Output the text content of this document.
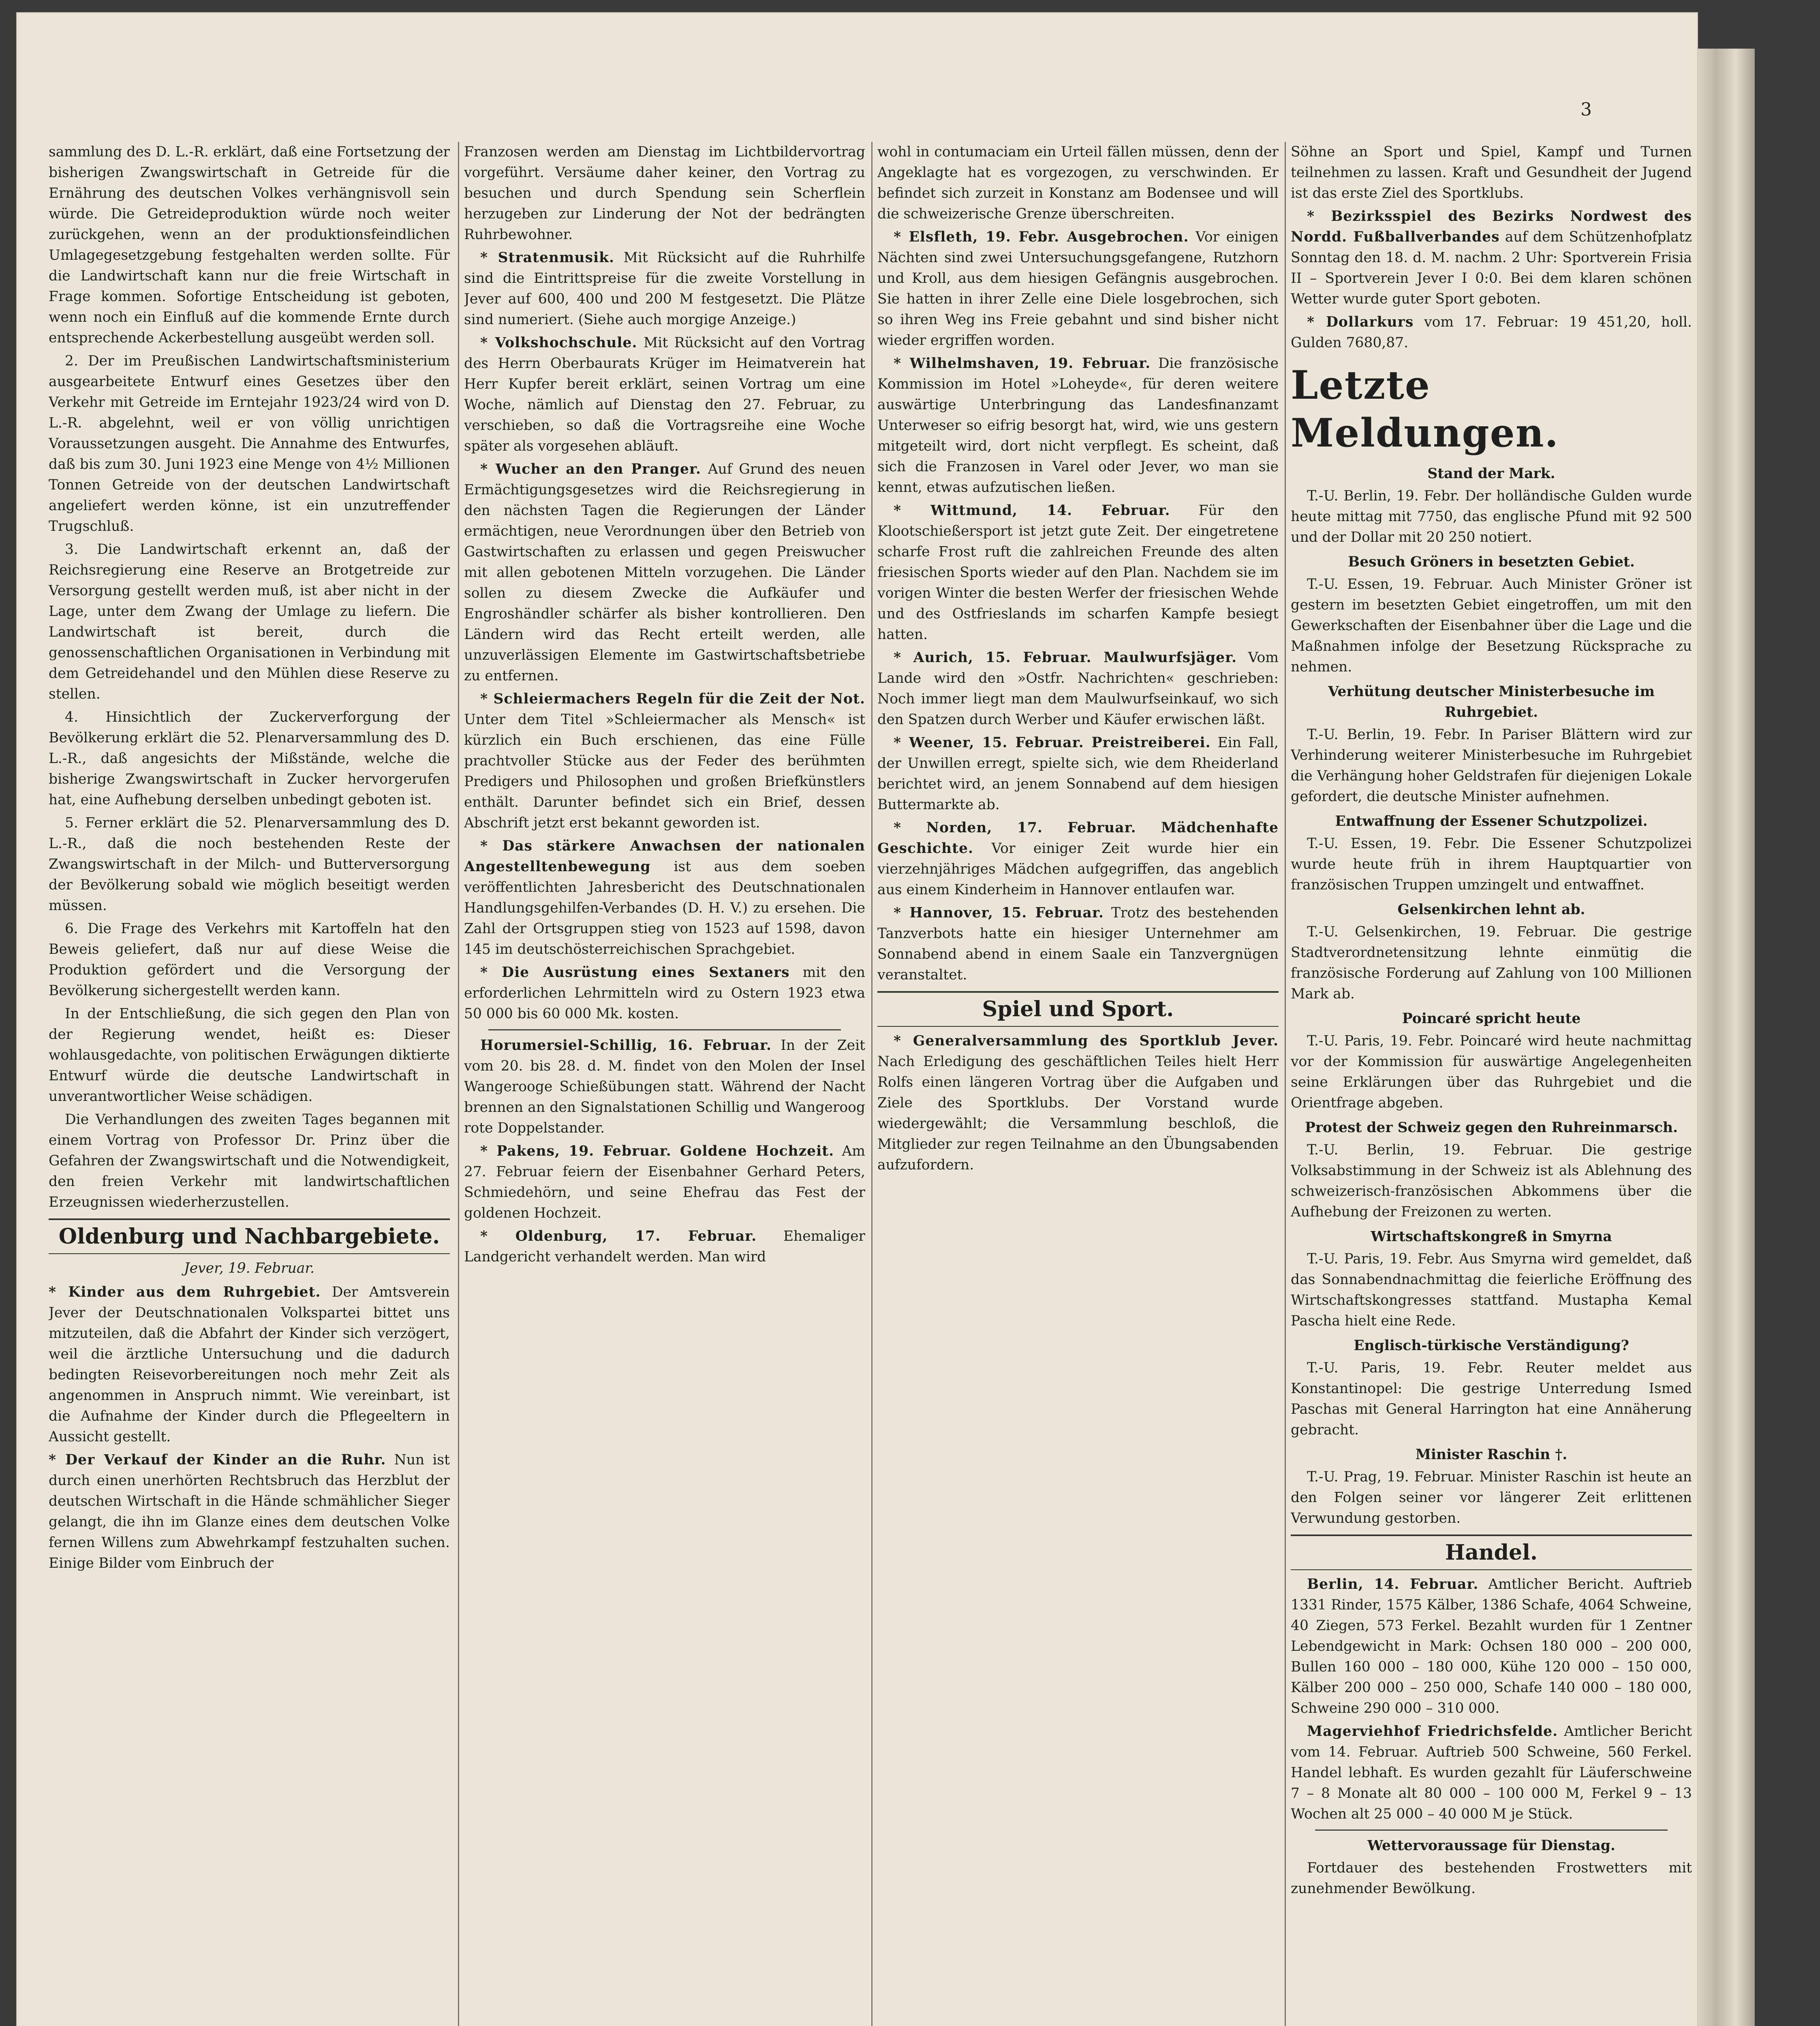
3

sammlung des D. L.-R. erklärt, daß eine Fortsetzung der bisherigen Zwangswirtschaft in Getreide für die Ernährung des deutschen Volkes verhängnisvoll sein würde. Die Getreideproduktion würde noch weiter zurückgehen, wenn an der produktionsfeindlichen Umlagegesetzgebung festgehalten werden sollte. Für die Landwirtschaft kann nur die freie Wirtschaft in Frage kommen. Sofortige Entscheidung ist geboten, wenn noch ein Einfluß auf die kommende Ernte durch entsprechende Ackerbestellung ausgeübt werden soll.

2. Der im Preußischen Landwirtschaftsministerium ausgearbeitete Entwurf eines Gesetzes über den Verkehr mit Getreide im Erntejahr 1923/24 wird von D. L.-R. abgelehnt, weil er von völlig unrichtigen Voraussetzungen ausgeht. Die Annahme des Entwurfes, daß bis zum 30. Juni 1923 eine Menge von 4½ Millionen Tonnen Getreide von der deutschen Landwirtschaft angeliefert werden könne, ist ein unzutreffender Trugschluß.

3. Die Landwirtschaft erkennt an, daß der Reichsregierung eine Reserve an Brotgetreide zur Versorgung gestellt werden muß, ist aber nicht in der Lage, unter dem Zwang der Umlage zu liefern. Die Landwirtschaft ist bereit, durch die genossenschaftlichen Organisationen in Verbindung mit dem Getreidehandel und den Mühlen diese Reserve zu stellen.

4. Hinsichtlich der Zuckerverforgung der Bevölkerung erklärt die 52. Plenarversammlung des D. L.-R., daß angesichts der Mißstände, welche die bisherige Zwangswirtschaft in Zucker hervorgerufen hat, eine Aufhebung derselben unbedingt geboten ist.

5. Ferner erklärt die 52. Plenarversammlung des D. L.-R., daß die noch bestehenden Reste der Zwangswirtschaft in der Milch- und Butterversorgung der Bevölkerung sobald wie möglich beseitigt werden müssen.

6. Die Frage des Verkehrs mit Kartoffeln hat den Beweis geliefert, daß nur auf diese Weise die Produktion gefördert und die Versorgung der Bevölkerung sichergestellt werden kann.

In der Entschließung, die sich gegen den Plan von der Regierung wendet, heißt es: Dieser wohlausgedachte, von politischen Erwägungen diktierte Entwurf würde die deutsche Landwirtschaft in unverantwortlicher Weise schädigen.

Die Verhandlungen des zweiten Tages begannen mit einem Vortrag von Professor Dr. Prinz über die Gefahren der Zwangswirtschaft und die Notwendigkeit, den freien Verkehr mit landwirtschaftlichen Erzeugnissen wiederherzustellen.

Oldenburg und Nachbargebiete.
Jever, 19. Februar.

* Kinder aus dem Ruhrgebiet. Der Amtsverein Jever der Deutschnationalen Volkspartei bittet uns mitzuteilen, daß die Abfahrt der Kinder sich verzögert, weil die ärztliche Untersuchung und die dadurch bedingten Reisevorbereitungen noch mehr Zeit als angenommen in Anspruch nimmt. Wie vereinbart, ist die Aufnahme der Kinder durch die Pflegeeltern in Aussicht gestellt.

* Der Verkauf der Kinder an die Ruhr. Nun ist durch einen unerhörten Rechtsbruch das Herzblut der deutschen Wirtschaft in die Hände schmählicher Sieger gelangt, die ihn im Glanze eines dem deutschen Volke fernen Willens zum Abwehrkampf festzuhalten suchen. Einige Bilder vom Einbruch der

Franzosen werden am Dienstag im Lichtbildervortrag vorgeführt. Versäume daher keiner, den Vortrag zu besuchen und durch Spendung sein Scherflein herzugeben zur Linderung der Not der bedrängten Ruhrbewohner.

* Stratenmusik. Mit Rücksicht auf die Ruhrhilfe sind die Eintrittspreise für die zweite Vorstellung in Jever auf 600, 400 und 200 M festgesetzt. Die Plätze sind numeriert. (Siehe auch morgige Anzeige.)

* Volkshochschule. Mit Rücksicht auf den Vortrag des Herrn Oberbaurats Krüger im Heimatverein hat Herr Kupfer bereit erklärt, seinen Vortrag um eine Woche, nämlich auf Dienstag den 27. Februar, zu verschieben, so daß die Vortragsreihe eine Woche später als vorgesehen abläuft.

* Wucher an den Pranger. Auf Grund des neuen Ermächtigungsgesetzes wird die Reichsregierung in den nächsten Tagen die Regierungen der Länder ermächtigen, neue Verordnungen über den Betrieb von Gastwirtschaften zu erlassen und gegen Preiswucher mit allen gebotenen Mitteln vorzugehen. Die Länder sollen zu diesem Zwecke die Aufkäufer und Engroshändler schärfer als bisher kontrollieren. Den Ländern wird das Recht erteilt werden, alle unzuverlässigen Elemente im Gastwirtschaftsbetriebe zu entfernen.

* Schleiermachers Regeln für die Zeit der Not. Unter dem Titel »Schleiermacher als Mensch« ist kürzlich ein Buch erschienen, das eine Fülle prachtvoller Stücke aus der Feder des berühmten Predigers und Philosophen und großen Briefkünstlers enthält. Darunter befindet sich ein Brief, dessen Abschrift jetzt erst bekannt geworden ist.

* Das stärkere Anwachsen der nationalen Angestelltenbewegung ist aus dem soeben veröffentlichten Jahresbericht des Deutschnationalen Handlungsgehilfen-Verbandes (D. H. V.) zu ersehen. Die Zahl der Ortsgruppen stieg von 1523 auf 1598, davon 145 im deutschösterreichischen Sprachgebiet.

* Die Ausrüstung eines Sextaners mit den erforderlichen Lehrmitteln wird zu Ostern 1923 etwa 50 000 bis 60 000 Mk. kosten.

Horumersiel-Schillig, 16. Februar. In der Zeit vom 20. bis 28. d. M. findet von den Molen der Insel Wangerooge Schießübungen statt. Während der Nacht brennen an den Signalstationen Schillig und Wangeroog rote Doppelstander.

* Pakens, 19. Februar. Goldene Hochzeit. Am 27. Februar feiern der Eisenbahner Gerhard Peters, Schmiedehörn, und seine Ehefrau das Fest der goldenen Hochzeit.

* Oldenburg, 17. Februar. Ehemaliger Landgericht verhandelt werden. Man wird

wohl in contumaciam ein Urteil fällen müssen, denn der Angeklagte hat es vorgezogen, zu verschwinden. Er befindet sich zurzeit in Konstanz am Bodensee und will die schweizerische Grenze überschreiten.

* Elsfleth, 19. Febr. Ausgebrochen. Vor einigen Nächten sind zwei Untersuchungsgefangene, Rutzhorn und Kroll, aus dem hiesigen Gefängnis ausgebrochen. Sie hatten in ihrer Zelle eine Diele losgebrochen, sich so ihren Weg ins Freie gebahnt und sind bisher nicht wieder ergriffen worden.

* Wilhelmshaven, 19. Februar. Die französische Kommission im Hotel »Loheyde«, für deren weitere auswärtige Unterbringung das Landesfinanzamt Unterweser so eifrig besorgt hat, wird, wie uns gestern mitgeteilt wird, dort nicht verpflegt. Es scheint, daß sich die Franzosen in Varel oder Jever, wo man sie kennt, etwas aufzutischen ließen.

* Wittmund, 14. Februar. Für den Klootschießersport ist jetzt gute Zeit. Der eingetretene scharfe Frost ruft die zahlreichen Freunde des alten friesischen Sports wieder auf den Plan. Nachdem sie im vorigen Winter die besten Werfer der friesischen Wehde und des Ostfrieslands im scharfen Kampfe besiegt hatten.

* Aurich, 15. Februar. Maulwurfsjäger. Vom Lande wird den »Ostfr. Nachrichten« geschrieben: Noch immer liegt man dem Maulwurfseinkauf, wo sich den Spatzen durch Werber und Käufer erwischen läßt.

* Weener, 15. Februar. Preistreiberei. Ein Fall, der Unwillen erregt, spielte sich, wie dem Rheiderland berichtet wird, an jenem Sonnabend auf dem hiesigen Buttermarkte ab.

* Norden, 17. Februar. Mädchenhafte Geschichte. Vor einiger Zeit wurde hier ein vierzehnjähriges Mädchen aufgegriffen, das angeblich aus einem Kinderheim in Hannover entlaufen war.

* Hannover, 15. Februar. Trotz des bestehenden Tanzverbots hatte ein hiesiger Unternehmer am Sonnabend abend in einem Saale ein Tanzvergnügen veranstaltet.

Spiel und Sport.

* Generalversammlung des Sportklub Jever. Nach Erledigung des geschäftlichen Teiles hielt Herr Rolfs einen längeren Vortrag über die Aufgaben und Ziele des Sportklubs. Der Vorstand wurde wiedergewählt; die Versammlung beschloß, die Mitglieder zur regen Teilnahme an den Übungsabenden aufzufordern.

Söhne an Sport und Spiel, Kampf und Turnen teilnehmen zu lassen. Kraft und Gesundheit der Jugend ist das erste Ziel des Sportklubs.

* Bezirksspiel des Bezirks Nordwest des Nordd. Fußballverbandes auf dem Schützenhofplatz Sonntag den 18. d. M. nachm. 2 Uhr: Sportverein Frisia II – Sportverein Jever I 0:0. Bei dem klaren schönen Wetter wurde guter Sport geboten.

* Dollarkurs vom 17. Februar: 19 451,20, holl. Gulden 7680,87.

Letzte Meldungen.
Stand der Mark.

T.-U. Berlin, 19. Febr. Der holländische Gulden wurde heute mittag mit 7750, das englische Pfund mit 92 500 und der Dollar mit 20 250 notiert.

Besuch Gröners in besetzten Gebiet.

T.-U. Essen, 19. Februar. Auch Minister Gröner ist gestern im besetzten Gebiet eingetroffen, um mit den Gewerkschaften der Eisenbahner über die Lage und die Maßnahmen infolge der Besetzung Rücksprache zu nehmen.

Verhütung deutscher Ministerbesuche im Ruhrgebiet.

T.-U. Berlin, 19. Febr. In Pariser Blättern wird zur Verhinderung weiterer Ministerbesuche im Ruhrgebiet die Verhängung hoher Geldstrafen für diejenigen Lokale gefordert, die deutsche Minister aufnehmen.

Entwaffnung der Essener Schutzpolizei.

T.-U. Essen, 19. Febr. Die Essener Schutzpolizei wurde heute früh in ihrem Hauptquartier von französischen Truppen umzingelt und entwaffnet.

Gelsenkirchen lehnt ab.

T.-U. Gelsenkirchen, 19. Februar. Die gestrige Stadtverordnetensitzung lehnte einmütig die französische Forderung auf Zahlung von 100 Millionen Mark ab.

Poincaré spricht heute

T.-U. Paris, 19. Febr. Poincaré wird heute nachmittag vor der Kommission für auswärtige Angelegenheiten seine Erklärungen über das Ruhrgebiet und die Orientfrage abgeben.

Protest der Schweiz gegen den Ruhreinmarsch.

T.-U. Berlin, 19. Februar. Die gestrige Volksabstimmung in der Schweiz ist als Ablehnung des schweizerisch-französischen Abkommens über die Aufhebung der Freizonen zu werten.

Wirtschaftskongreß in Smyrna

T.-U. Paris, 19. Febr. Aus Smyrna wird gemeldet, daß das Sonnabendnachmittag die feierliche Eröffnung des Wirtschaftskongresses stattfand. Mustapha Kemal Pascha hielt eine Rede.

Englisch-türkische Verständigung?

T.-U. Paris, 19. Febr. Reuter meldet aus Konstantinopel: Die gestrige Unterredung Ismed Paschas mit General Harrington hat eine Annäherung gebracht.

Minister Raschin †.

T.-U. Prag, 19. Februar. Minister Raschin ist heute an den Folgen seiner vor längerer Zeit erlittenen Verwundung gestorben.

Handel.

Berlin, 14. Februar. Amtlicher Bericht. Auftrieb 1331 Rinder, 1575 Kälber, 1386 Schafe, 4064 Schweine, 40 Ziegen, 573 Ferkel. Bezahlt wurden für 1 Zentner Lebendgewicht in Mark: Ochsen 180 000 – 200 000, Bullen 160 000 – 180 000, Kühe 120 000 – 150 000, Kälber 200 000 – 250 000, Schafe 140 000 – 180 000, Schweine 290 000 – 310 000.

Magerviehhof Friedrichsfelde. Amtlicher Bericht vom 14. Februar. Auftrieb 500 Schweine, 560 Ferkel. Handel lebhaft. Es wurden gezahlt für Läuferschweine 7 – 8 Monate alt 80 000 – 100 000 M, Ferkel 9 – 13 Wochen alt 25 000 – 40 000 M je Stück.

Wettervoraussage für Dienstag.

Fortdauer des bestehenden Frostwetters mit zunehmender Bewölkung.
